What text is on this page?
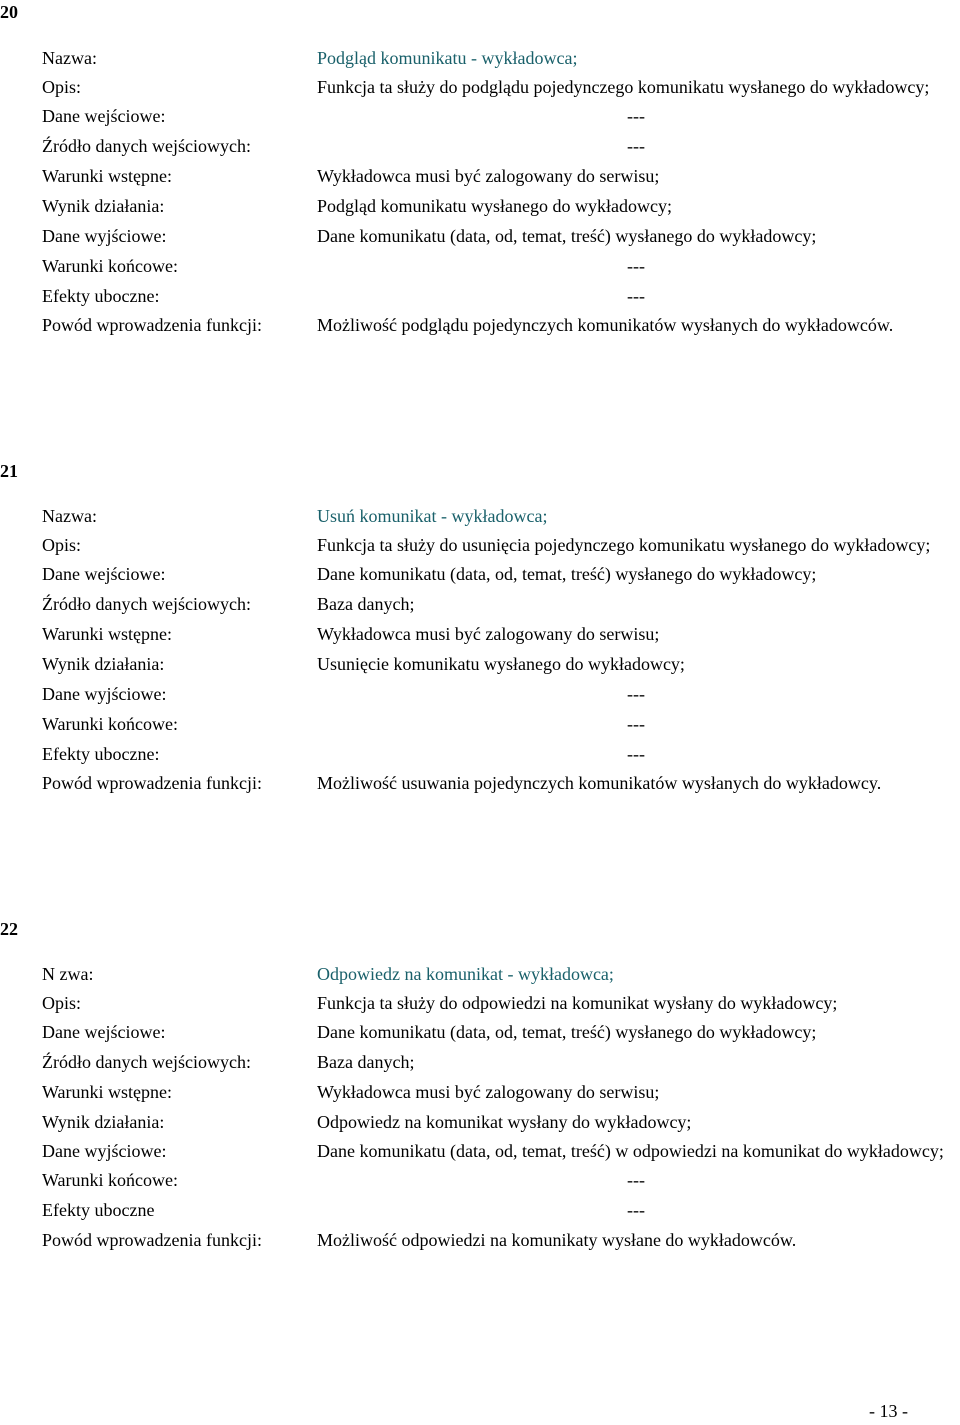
20
Nazwa:	Podgląd komunikatu - wykładowca;
Opis:	Funkcja ta służy do podglądu pojedynczego komunikatu wysłanego do wykładowcy;
Dane wejściowe:	---
Źródło danych wejściowych:	---
Warunki wstępne:	Wykładowca musi być zalogowany do serwisu;
Wynik działania:	Podgląd komunikatu wysłanego do wykładowcy;
Dane wyjściowe:	Dane komunikatu (data, od, temat, treść) wysłanego do wykładowcy;
Warunki końcowe:	---
Efekty uboczne:	---
Powód wprowadzenia funkcji:	Możliwość podglądu pojedynczych komunikatów wysłanych do wykładowców.
21
Nazwa:	Usuń komunikat - wykładowca;
Opis:	Funkcja ta służy do usunięcia pojedynczego komunikatu wysłanego do wykładowcy;
Dane wejściowe:	Dane komunikatu (data, od, temat, treść) wysłanego do wykładowcy;
Źródło danych wejściowych:	Baza danych;
Warunki wstępne:	Wykładowca musi być zalogowany do serwisu;
Wynik działania:	Usunięcie komunikatu wysłanego do wykładowcy;
Dane wyjściowe:	---
Warunki końcowe:	---
Efekty uboczne:	---
Powód wprowadzenia funkcji:	Możliwość usuwania pojedynczych komunikatów wysłanych do wykładowcy.
22
N zwa:	Odpowiedz na komunikat - wykładowca;
Opis:	Funkcja ta służy do odpowiedzi na komunikat wysłany do wykładowcy;
Dane wejściowe:	Dane komunikatu (data, od, temat, treść) wysłanego do wykładowcy;
Źródło danych wejściowych:	Baza danych;
Warunki wstępne:	Wykładowca musi być zalogowany do serwisu;
Wynik działania:	Odpowiedz na komunikat wysłany do wykładowcy;
Dane wyjściowe:	Dane komunikatu (data, od, temat, treść) w odpowiedzi na komunikat do wykładowcy;
Warunki końcowe:	---
Efekty uboczne	---
Powód wprowadzenia funkcji:	Możliwość odpowiedzi na komunikaty wysłane do wykładowców.
- 13 -
